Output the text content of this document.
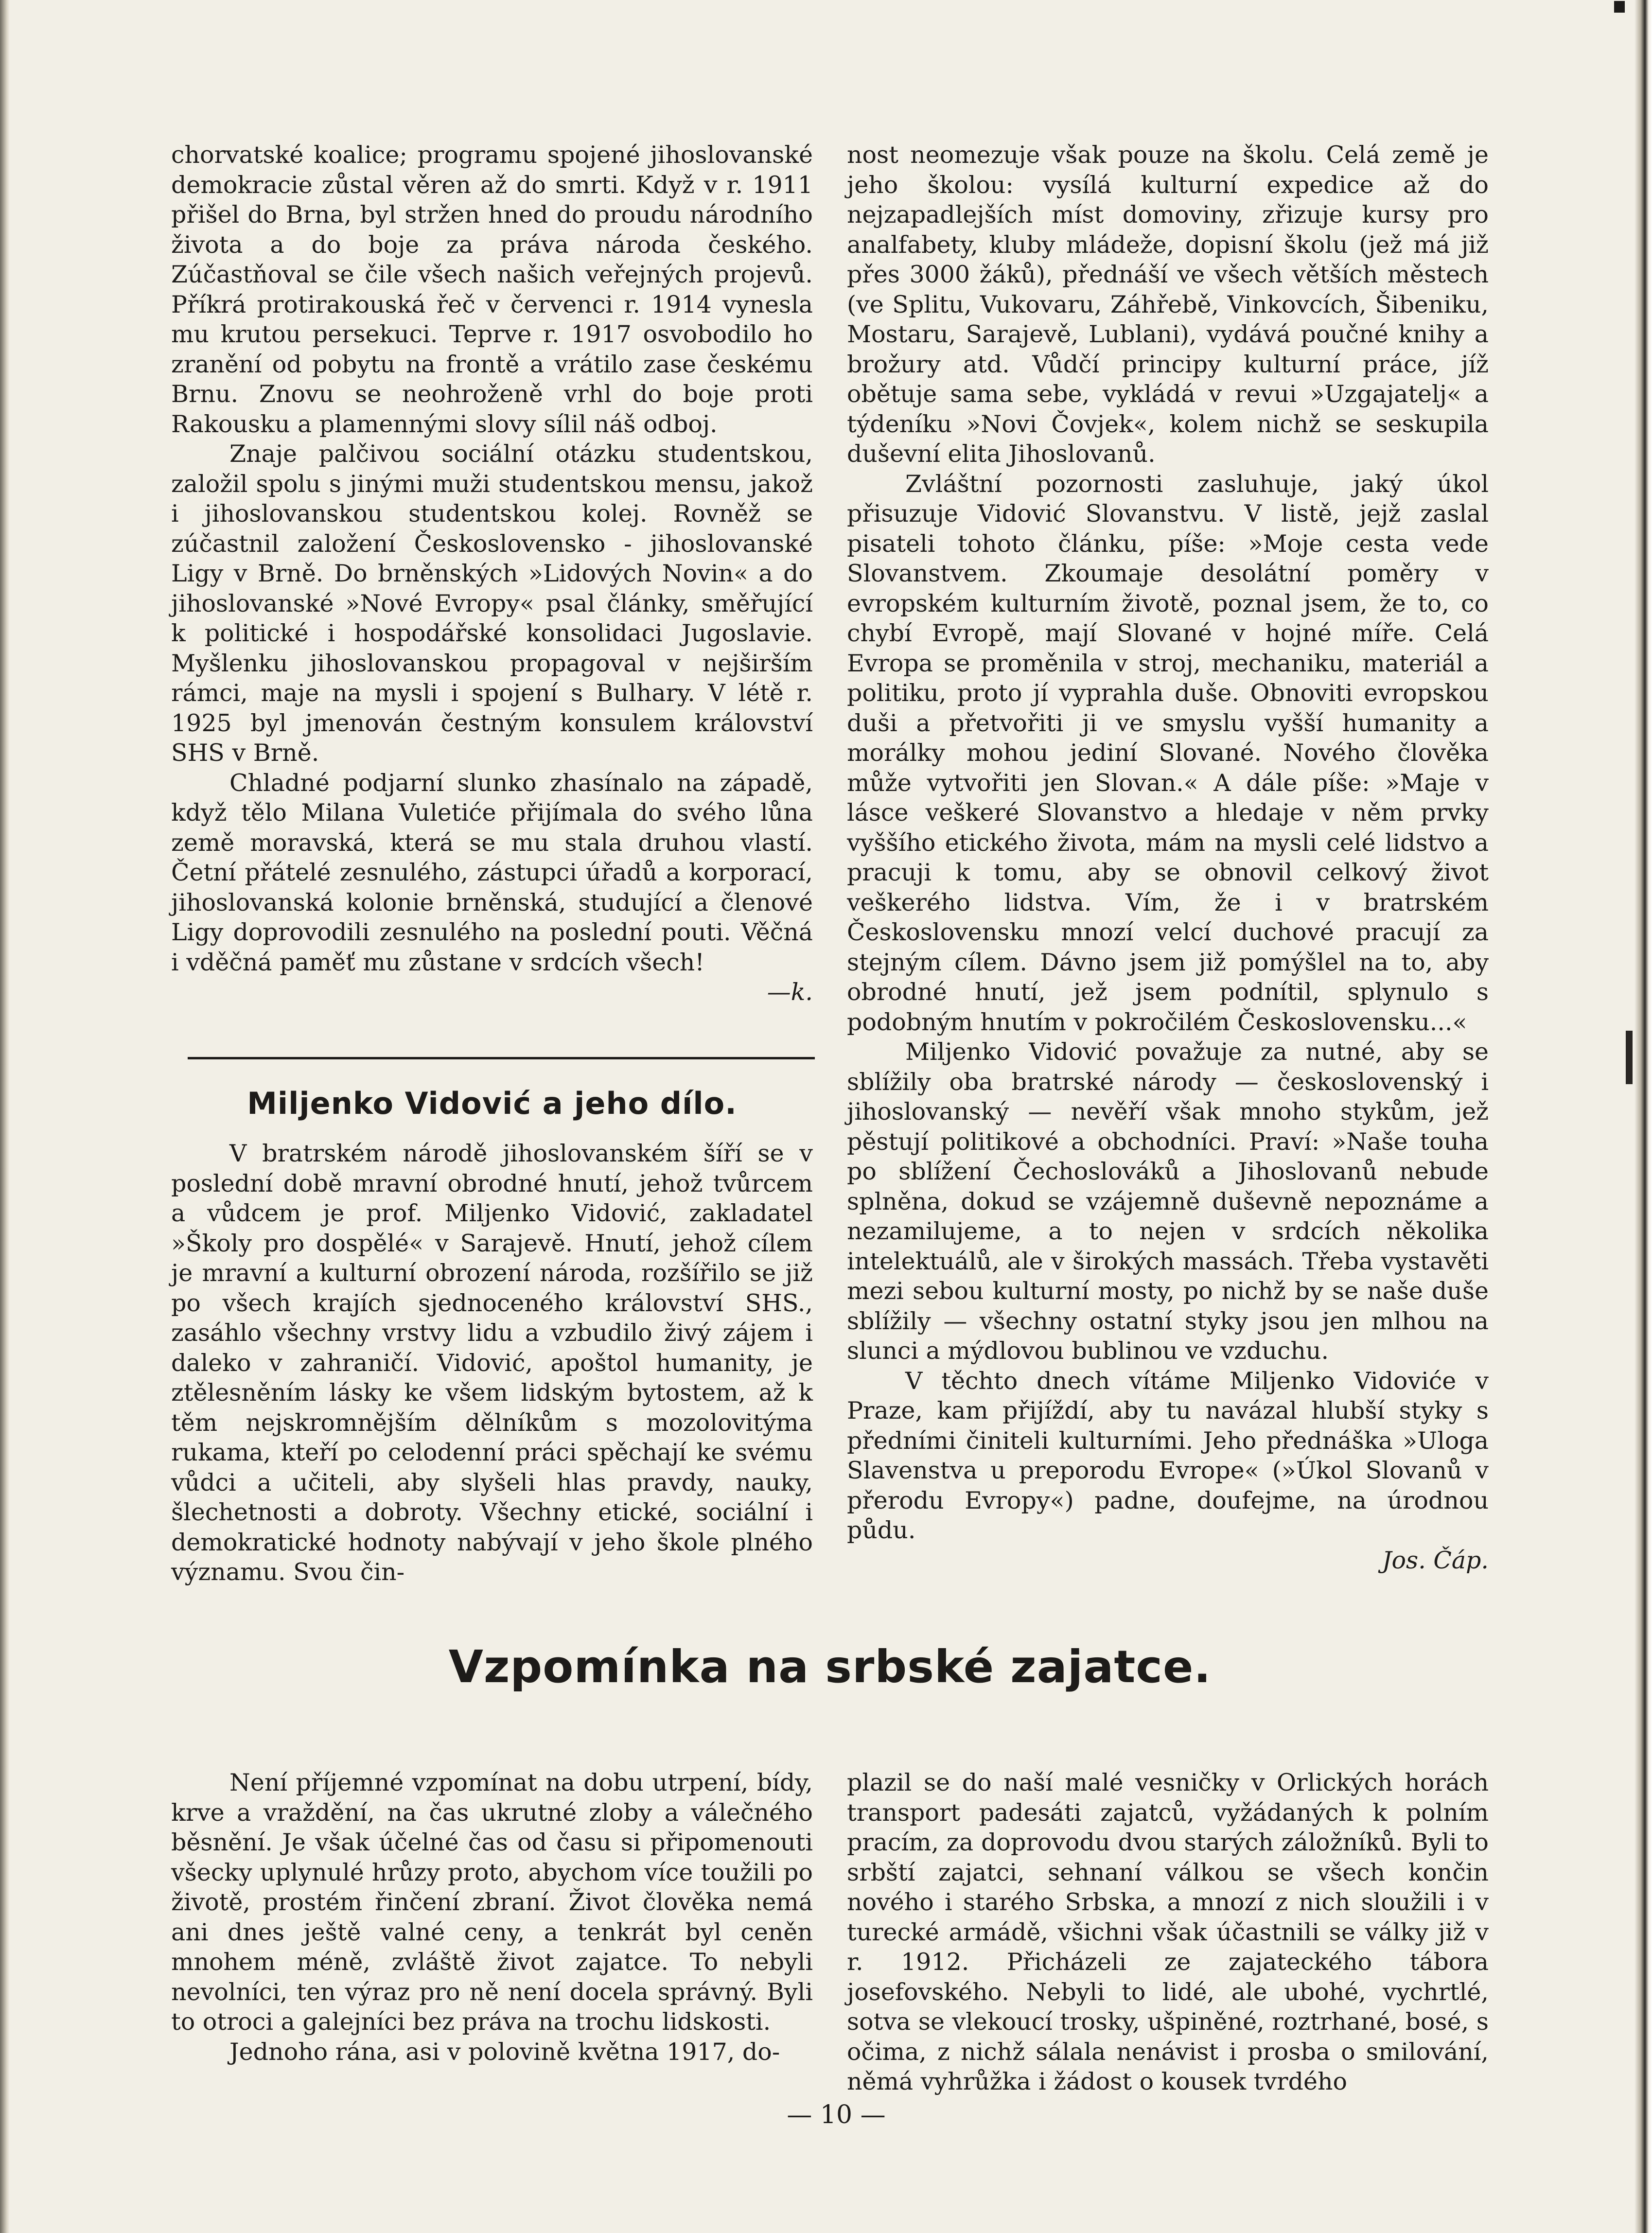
chorvatské koalice; programu spojené jihoslovanské demokracie zůstal věren až do smrti. Když v r. 1911 přišel do Brna, byl stržen hned do proudu národního života a do boje za práva národa českého. Zúčastňoval se čile všech našich veřejných projevů. Příkrá protirakouská řeč v červenci r. 1914 vynesla mu krutou persekuci. Teprve r. 1917 osvobodilo ho zranění od pobytu na frontě a vrátilo zase českému Brnu. Znovu se neohroženě vrhl do boje proti Rakousku a plamennými slovy sílil náš odboj.

Znaje palčivou sociální otázku studentskou, založil spolu s jinými muži studentskou mensu, jakož i jihoslovanskou studentskou kolej. Rovněž se zúčastnil založení Československo - jihoslovanské Ligy v Brně. Do brněnských »Lidových Novin« a do jihoslovanské »Nové Evropy« psal články, směřující k politické i hospodářské konsolidaci Jugoslavie. Myšlenku jihoslovanskou propagoval v nejširším rámci, maje na mysli i spojení s Bulhary. V létě r. 1925 byl jmenován čestným konsulem království SHS v Brně.

Chladné podjarní slunko zhasínalo na západě, když tělo Milana Vuletiće přijímala do svého lůna země moravská, která se mu stala druhou vlastí. Četní přátelé zesnulého, zástupci úřadů a korporací, jihoslovanská kolonie brněnská, studující a členové Ligy doprovodili zesnulého na poslední pouti. Věčná i vděčná paměť mu zůstane v srdcích všech!

—k.
Miljenko Vidović a jeho dílo.

V bratrském národě jihoslovanském šíří se v poslední době mravní obrodné hnutí, jehož tvůrcem a vůdcem je prof. Miljenko Vidović, zakladatel »Školy pro dospělé« v Sarajevě. Hnutí, jehož cílem je mravní a kulturní obrození národa, rozšířilo se již po všech krajích sjednoceného království SHS., zasáhlo všechny vrstvy lidu a vzbudilo živý zájem i daleko v zahraničí. Vidović, apoštol humanity, je ztělesněním lásky ke všem lidským bytostem, až k těm nejskromnějším dělníkům s mozolovitýma rukama, kteří po celodenní práci spěchají ke svému vůdci a učiteli, aby slyšeli hlas pravdy, nauky, šlechetnosti a dobroty. Všechny etické, sociální i demokratické hodnoty nabývají v jeho škole plného významu. Svou čin-

nost neomezuje však pouze na školu. Celá země je jeho školou: vysílá kulturní expedice až do nejzapadlejších míst domoviny, zřizuje kursy pro analfabety, kluby mládeže, dopisní školu (jež má již přes 3000 žáků), přednáší ve všech větších městech (ve Splitu, Vukovaru, Záhřebě, Vinkovcích, Šibeniku, Mostaru, Sarajevě, Lublani), vydává poučné knihy a brožury atd. Vůdčí principy kulturní práce, jíž obětuje sama sebe, vykládá v revui »Uzgajatelj« a týdeníku »Novi Čovjek«, kolem nichž se seskupila duševní elita Jihoslovanů.

Zvláštní pozornosti zasluhuje, jaký úkol přisuzuje Vidović Slovanstvu. V listě, jejž zaslal pisateli tohoto článku, píše: »Moje cesta vede Slovanstvem. Zkoumaje desolátní poměry v evropském kulturním životě, poznal jsem, že to, co chybí Evropě, mají Slované v hojné míře. Celá Evropa se proměnila v stroj, mechaniku, materiál a politiku, proto jí vyprahla duše. Obnoviti evropskou duši a přetvořiti ji ve smyslu vyšší humanity a morálky mohou jediní Slované. Nového člověka může vytvořiti jen Slovan.« A dále píše: »Maje v lásce veškeré Slovanstvo a hledaje v něm prvky vyššího etického života, mám na mysli celé lidstvo a pracuji k tomu, aby se obnovil celkový život veškerého lidstva. Vím, že i v bratrském Československu mnozí velcí duchové pracují za stejným cílem. Dávno jsem již pomýšlel na to, aby obrodné hnutí, jež jsem podnítil, splynulo s podobným hnutím v pokročilém Československu...«

Miljenko Vidović považuje za nutné, aby se sblížily oba bratrské národy — československý i jihoslovanský — nevěří však mnoho stykům, jež pěstují politikové a obchodníci. Praví: »Naše touha po sblížení Čechoslováků a Jihoslovanů nebude splněna, dokud se vzájemně duševně nepoznáme a nezamilujeme, a to nejen v srdcích několika intelektuálů, ale v širokých massách. Třeba vystavěti mezi sebou kulturní mosty, po nichž by se naše duše sblížily — všechny ostatní styky jsou jen mlhou na slunci a mýdlovou bublinou ve vzduchu.

V těchto dnech vítáme Miljenko Vidoviće v Praze, kam přijíždí, aby tu navázal hlubší styky s předními činiteli kulturními. Jeho přednáška »Uloga Slavenstva u preporodu Evrope« (»Úkol Slovanů v přerodu Evropy«) padne, doufejme, na úrodnou půdu.

Jos. Čáp.
Vzpomínka na srbské zajatce.

Není příjemné vzpomínat na dobu utrpení, bídy, krve a vraždění, na čas ukrutné zloby a válečného běsnění. Je však účelné čas od času si připomenouti všecky uplynulé hrůzy proto, abychom více toužili po životě, prostém řinčení zbraní. Život člověka nemá ani dnes ještě valné ceny, a tenkrát byl ceněn mnohem méně, zvláště život zajatce. To nebyli nevolníci, ten výraz pro ně není docela správný. Byli to otroci a galejníci bez práva na trochu lidskosti.

Jednoho rána, asi v polovině května 1917, do-

plazil se do naší malé vesničky v Orlických horách transport padesáti zajatců, vyžádaných k polním pracím, za doprovodu dvou starých záložníků. Byli to srbští zajatci, sehnaní válkou se všech končin nového i starého Srbska, a mnozí z nich sloužili i v turecké armádě, všichni však účastnili se války již v r. 1912. Přicházeli ze zajateckého tábora josefovského. Nebyli to lidé, ale ubohé, vychrtlé, sotva se vlekoucí trosky, ušpiněné, roztrhané, bosé, s očima, z nichž sálala nenávist i prosba o smilování, němá vyhrůžka i žádost o kousek tvrdého

— 10 —
